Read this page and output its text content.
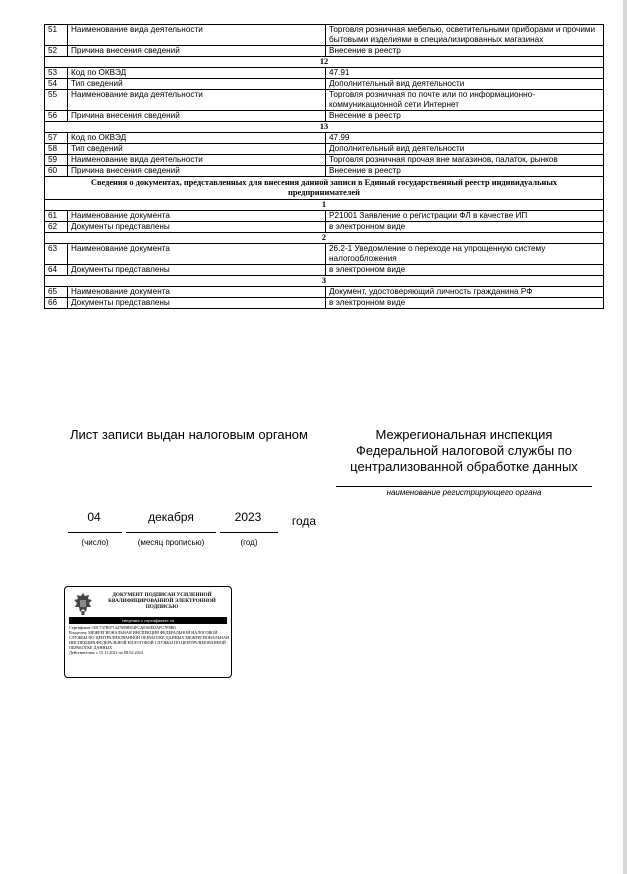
51	Наименование вида деятельности	Торговля розничная мебелью, осветительными приборами и прочими бытовыми изделиями в специализированных магазинах
52	Причина внесения сведений	Внесение в реестр
12		
53	Код по ОКВЭД	47.91
54	Тип сведений	Дополнительный вид деятельности
55	Наименование вида деятельности	Торговля розничная по почте или по информационно-коммуникационной сети Интернет
56	Причина внесения сведений	Внесение в реестр
13		
57	Код по ОКВЭД	47.99
58	Тип сведений	Дополнительный вид деятельности
59	Наименование вида деятельности	Торговля розничная прочая вне магазинов, палаток, рынков
60	Причина внесения сведений	Внесение в реестр
Сведения о документах, представленных для внесения данной записи в Единый государственный реестр индивидуальных предпринимателей		
1		
61	Наименование документа	Р21001 Заявление о регистрации ФЛ в качестве ИП
62	Документы представлены	в электронном виде
2		
63	Наименование документа	26.2-1 Уведомление о переходе на упрощенную систему налогообложения
64	Документы представлены	в электронном виде
3		
65	Наименование документа	Документ, удостоверяющий личность гражданина РФ
66	Документы представлены	в электронном виде
Лист записи выдан налоговым органом	Межрегиональная инспекция Федеральной налоговой службы по централизованной обработке данных
наименование регистрирующего органа
04	декабря	2023	года
(число)	(месяц прописью)	(год)
ДОКУМЕНТ ПОДПИСАН УСИЛЕННОЙ КВАЛИФИЦИРОВАННОЙ ЭЛЕКТРОННОЙ ПОДПИСЬЮ
сведения о сертификате эп
Сертификат: 00C747B07144769BB54FCA0A6EDAFC7F8B0
Владелец: МЕЖРЕГИОНАЛЬНАЯ ИНСПЕКЦИЯ ФЕДЕРАЛЬНОЙ НАЛОГОВОЙ СЛУЖБЫ ПО ЦЕНТРАЛИЗОВАННОЙ ОБРАБОТКЕ ДАННЫХ МЕЖРЕГИОНАЛЬНАЯ ИНСПЕКЦИЯ ФЕДЕРАЛЬНОЙ НАЛОГОВОЙ СЛУЖБЫ ПО ЦЕНТРАЛИЗОВАННОЙ ОБРАБОТКЕ ДАННЫХ
Действителен: с 15.11.2022 по 08.02.2024
